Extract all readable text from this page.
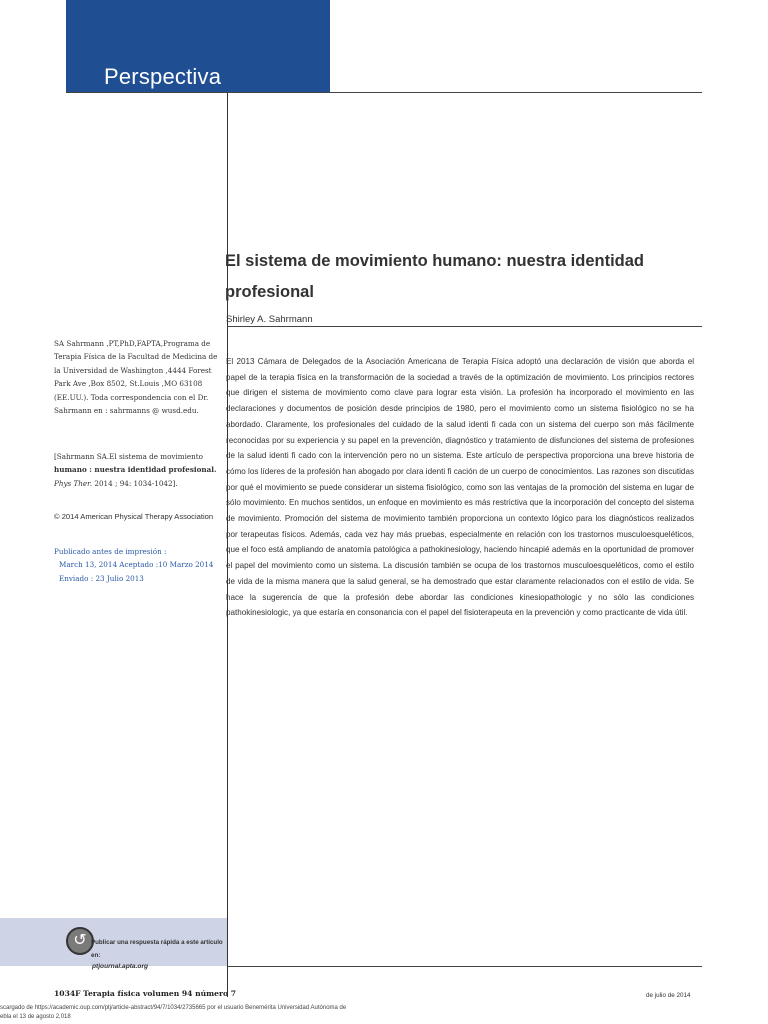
Perspectiva
El sistema de movimiento humano: nuestra identidad profesional
Shirley A. Sahrmann
El 2013 Cámara de Delegados de la Asociación Americana de Terapia Física adoptó una declaración de visión que aborda el papel de la terapia física en la transformación de la sociedad a través de la optimización de movimiento. Los principios rectores que dirigen el sistema de movimiento como clave para lograr esta visión. La profesión ha incorporado el movimiento en las declaraciones y documentos de posición desde principios de 1980, pero el movimiento como un sistema fisiológico no se ha abordado. Claramente, los profesionales del cuidado de la salud identi fi cada con un sistema del cuerpo son más fácilmente reconocidas por su experiencia y su papel en la prevención, diagnóstico y tratamiento de disfunciones del sistema de profesiones de la salud identi fi cado con la intervención pero no un sistema. Este artículo de perspectiva proporciona una breve historia de cómo los líderes de la profesión han abogado por clara identi fi cación de un cuerpo de conocimientos. Las razones son discutidas por qué el movimiento se puede considerar un sistema fisiológico, como son las ventajas de la promoción del sistema en lugar de sólo movimiento. En muchos sentidos, un enfoque en movimiento es más restrictiva que la incorporación del concepto del sistema de movimiento. Promoción del sistema de movimiento también proporciona un contexto lógico para los diagnósticos realizados por terapeutas físicos. Además, cada vez hay más pruebas, especialmente en relación con los trastornos musculoesqueléticos, que el foco está ampliando de anatomía patológica a pathokinesiology, haciendo hincapié además en la oportunidad de promover el papel del movimiento como un sistema. La discusión también se ocupa de los trastornos musculoesqueléticos, como el estilo de vida de la misma manera que la salud general, se ha demostrado que estar claramente relacionados con el estilo de vida. Se hace la sugerencia de que la profesión debe abordar las condiciones kinesiopathologic y no sólo las condiciones pathokinesiologic, ya que estaría en consonancia con el papel del fisioterapeuta en la prevención y como practicante de vida útil.
SA Sahrmann ,PT,PhD,FAPTA,Programa de Terapia Física de la Facultad de Medicina de la Universidad de Washington ,4444 Forest Park Ave ,Box 8502, St.Louis ,MO 63108 (EE.UU.). Toda correspondencia con el Dr. Sahrmann en : sahrmanns @ wusd.edu.
[Sahrmann SA.El sistema de movimiento humano : nuestra identidad profesional. Phys Ther. 2014 ; 94: 1034-1042].
© 2014 American Physical Therapy Association
Publicado antes de impresión :
March 13, 2014 Aceptado :10 Marzo 2014 Enviado : 23 Julio 2013
↺ Publicar una respuesta rápida a este artículo en:
ptjournal.apta.org
1034F Terapia física volumen 94 número 7	de julio de 2014
scargado de https://academic.oup.com/ptj/article-abstract/94/7/1034/2735665 por el usuario Benemérita Universidad Autónoma de
ebla el 13 de agosto 2,018
